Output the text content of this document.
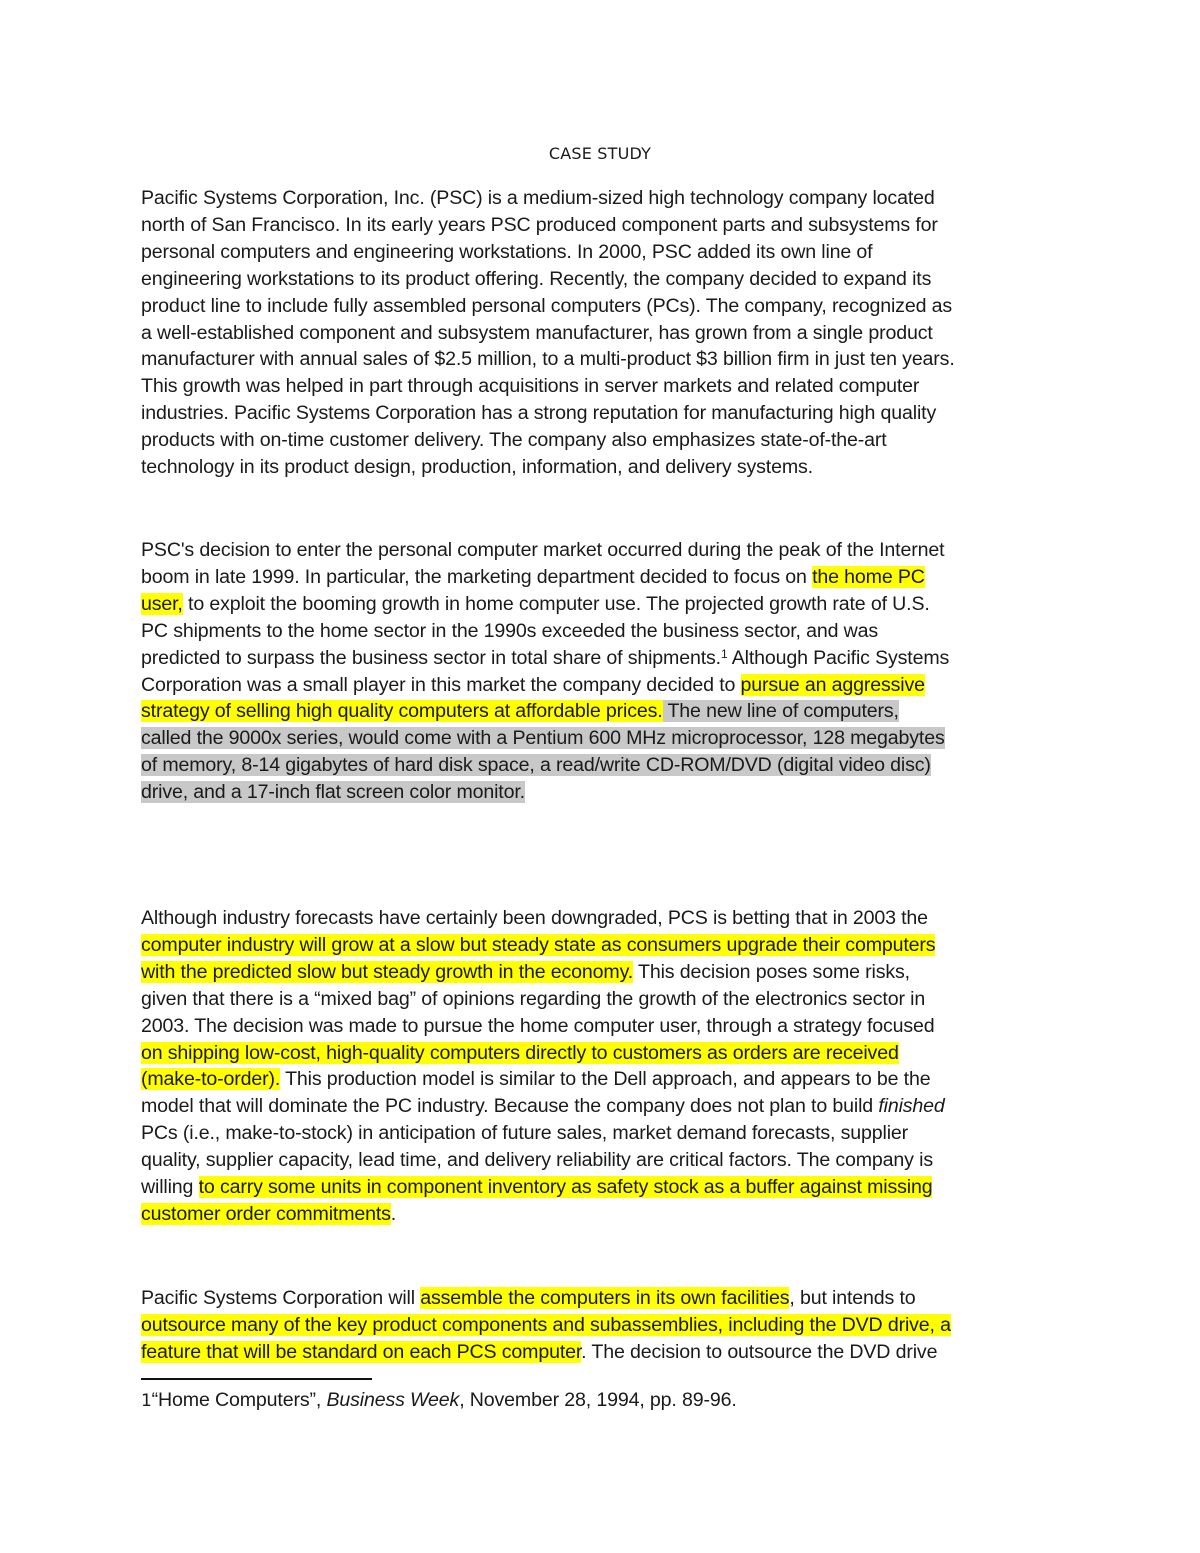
CASE STUDY
Pacific Systems Corporation, Inc. (PSC) is a medium-sized high technology company located
north of San Francisco. In its early years PSC produced component parts and subsystems for
personal computers and engineering workstations. In 2000, PSC added its own line of
engineering workstations to its product offering. Recently, the company decided to expand its
product line to include fully assembled personal computers (PCs). The company, recognized as
a well-established component and subsystem manufacturer, has grown from a single product
manufacturer with annual sales of $2.5 million, to a multi-product $3 billion firm in just ten years.
This growth was helped in part through acquisitions in server markets and related computer
industries. Pacific Systems Corporation has a strong reputation for manufacturing high quality
products with on-time customer delivery. The company also emphasizes state-of-the-art
technology in its product design, production, information, and delivery systems.
PSC's decision to enter the personal computer market occurred during the peak of the Internet
boom in late 1999. In particular, the marketing department decided to focus on the home PC
user, to exploit the booming growth in home computer use. The projected growth rate of U.S.
PC shipments to the home sector in the 1990s exceeded the business sector, and was
predicted to surpass the business sector in total share of shipments.$^1$ Although Pacific Systems
Corporation was a small player in this market the company decided to pursue an aggressive
strategy of selling high quality computers at affordable prices. The new line of computers,
called the 9000x series, would come with a Pentium 600 MHz microprocessor, 128 megabytes
of memory, 8-14 gigabytes of hard disk space, a read/write CD-ROM/DVD (digital video disc)
drive, and a 17-inch flat screen color monitor.
Although industry forecasts have certainly been downgraded, PCS is betting that in 2003 the
computer industry will grow at a slow but steady state as consumers upgrade their computers
with the predicted slow but steady growth in the economy. This decision poses some risks,
given that there is a “mixed bag” of opinions regarding the growth of the electronics sector in
2003. The decision was made to pursue the home computer user, through a strategy focused
on shipping low-cost, high-quality computers directly to customers as orders are received
(make-to-order). This production model is similar to the Dell approach, and appears to be the
model that will dominate the PC industry. Because the company does not plan to build finished
PCs (i.e., make-to-stock) in anticipation of future sales, market demand forecasts, supplier
quality, supplier capacity, lead time, and delivery reliability are critical factors. The company is
willing to carry some units in component inventory as safety stock as a buffer against missing
customer order commitments.
Pacific Systems Corporation will assemble the computers in its own facilities, but intends to
outsource many of the key product components and subassemblies, including the DVD drive, a
feature that will be standard on each PCS computer. The decision to outsource the DVD drive
1“Home Computers”, Business Week, November 28, 1994, pp. 89-96.
